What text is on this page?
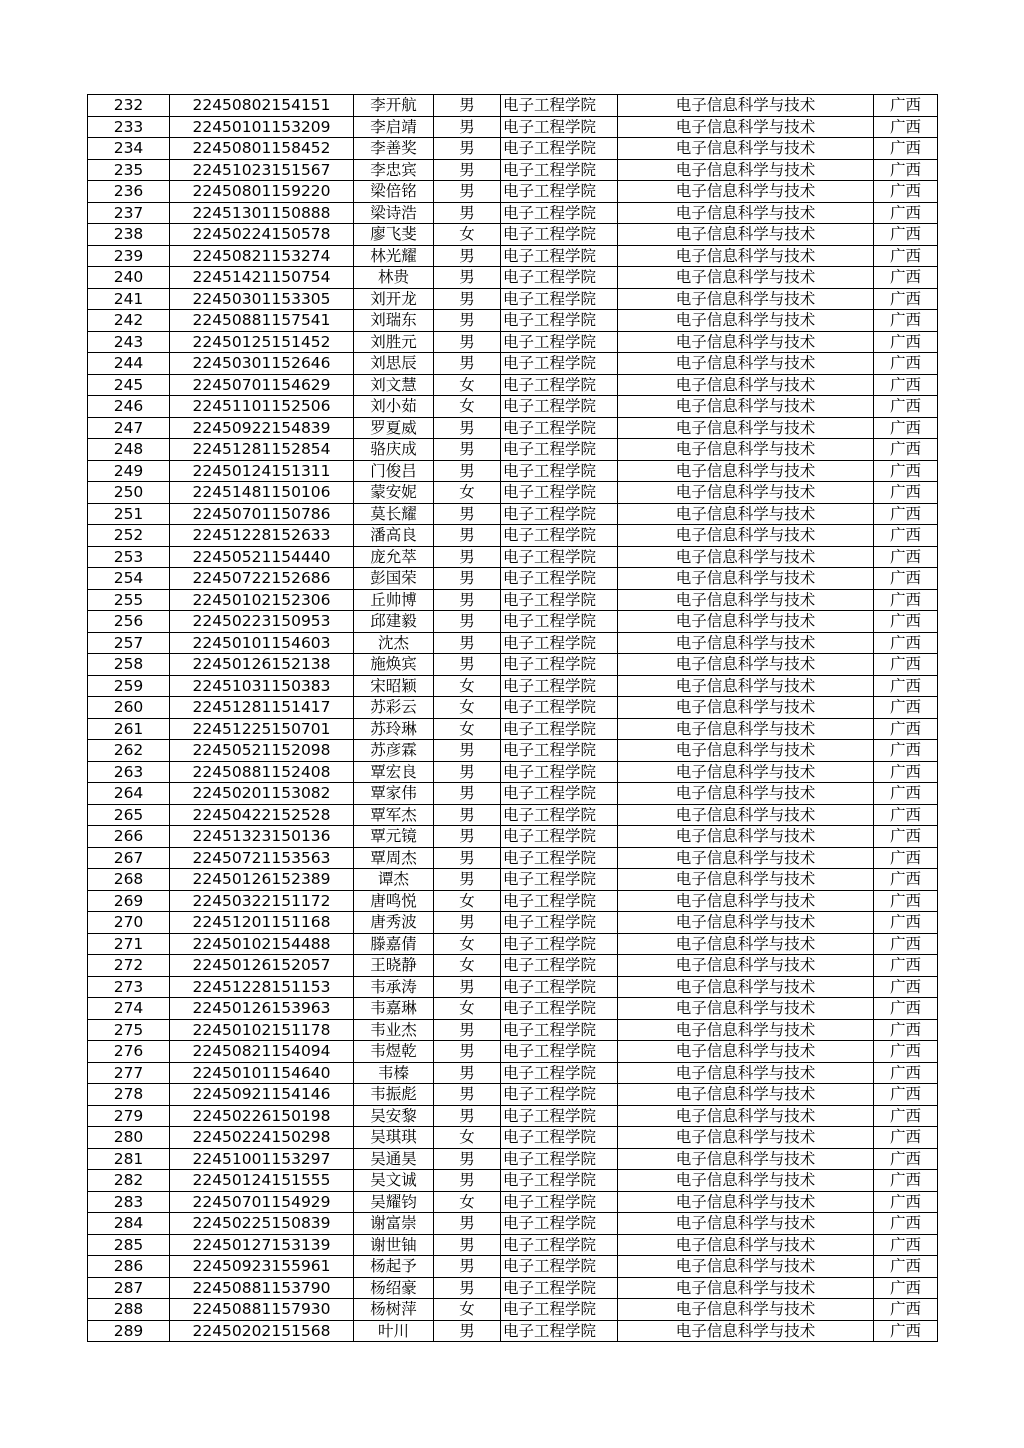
232	22450802154151	李开航	男	电子工程学院	电子信息科学与技术	广西
233	22450101153209	李启靖	男	电子工程学院	电子信息科学与技术	广西
234	22450801158452	李善奖	男	电子工程学院	电子信息科学与技术	广西
235	22451023151567	李忠宾	男	电子工程学院	电子信息科学与技术	广西
236	22450801159220	梁倍铭	男	电子工程学院	电子信息科学与技术	广西
237	22451301150888	梁诗浩	男	电子工程学院	电子信息科学与技术	广西
238	22450224150578	廖飞斐	女	电子工程学院	电子信息科学与技术	广西
239	22450821153274	林光耀	男	电子工程学院	电子信息科学与技术	广西
240	22451421150754	林贵	男	电子工程学院	电子信息科学与技术	广西
241	22450301153305	刘开龙	男	电子工程学院	电子信息科学与技术	广西
242	22450881157541	刘瑞东	男	电子工程学院	电子信息科学与技术	广西
243	22450125151452	刘胜元	男	电子工程学院	电子信息科学与技术	广西
244	22450301152646	刘思辰	男	电子工程学院	电子信息科学与技术	广西
245	22450701154629	刘文慧	女	电子工程学院	电子信息科学与技术	广西
246	22451101152506	刘小茹	女	电子工程学院	电子信息科学与技术	广西
247	22450922154839	罗夏威	男	电子工程学院	电子信息科学与技术	广西
248	22451281152854	骆庆成	男	电子工程学院	电子信息科学与技术	广西
249	22450124151311	门俊吕	男	电子工程学院	电子信息科学与技术	广西
250	22451481150106	蒙安妮	女	电子工程学院	电子信息科学与技术	广西
251	22450701150786	莫长耀	男	电子工程学院	电子信息科学与技术	广西
252	22451228152633	潘高良	男	电子工程学院	电子信息科学与技术	广西
253	22450521154440	庞允萃	男	电子工程学院	电子信息科学与技术	广西
254	22450722152686	彭国荣	男	电子工程学院	电子信息科学与技术	广西
255	22450102152306	丘帅博	男	电子工程学院	电子信息科学与技术	广西
256	22450223150953	邱建毅	男	电子工程学院	电子信息科学与技术	广西
257	22450101154603	沈杰	男	电子工程学院	电子信息科学与技术	广西
258	22450126152138	施焕宾	男	电子工程学院	电子信息科学与技术	广西
259	22451031150383	宋昭颖	女	电子工程学院	电子信息科学与技术	广西
260	22451281151417	苏彩云	女	电子工程学院	电子信息科学与技术	广西
261	22451225150701	苏玲琳	女	电子工程学院	电子信息科学与技术	广西
262	22450521152098	苏彦霖	男	电子工程学院	电子信息科学与技术	广西
263	22450881152408	覃宏良	男	电子工程学院	电子信息科学与技术	广西
264	22450201153082	覃家伟	男	电子工程学院	电子信息科学与技术	广西
265	22450422152528	覃军杰	男	电子工程学院	电子信息科学与技术	广西
266	22451323150136	覃元镜	男	电子工程学院	电子信息科学与技术	广西
267	22450721153563	覃周杰	男	电子工程学院	电子信息科学与技术	广西
268	22450126152389	谭杰	男	电子工程学院	电子信息科学与技术	广西
269	22450322151172	唐鸣悦	女	电子工程学院	电子信息科学与技术	广西
270	22451201151168	唐秀波	男	电子工程学院	电子信息科学与技术	广西
271	22450102154488	滕嘉倩	女	电子工程学院	电子信息科学与技术	广西
272	22450126152057	王晓静	女	电子工程学院	电子信息科学与技术	广西
273	22451228151153	韦承涛	男	电子工程学院	电子信息科学与技术	广西
274	22450126153963	韦嘉琳	女	电子工程学院	电子信息科学与技术	广西
275	22450102151178	韦业杰	男	电子工程学院	电子信息科学与技术	广西
276	22450821154094	韦煜乾	男	电子工程学院	电子信息科学与技术	广西
277	22450101154640	韦榛	男	电子工程学院	电子信息科学与技术	广西
278	22450921154146	韦振彪	男	电子工程学院	电子信息科学与技术	广西
279	22450226150198	吴安黎	男	电子工程学院	电子信息科学与技术	广西
280	22450224150298	吴琪琪	女	电子工程学院	电子信息科学与技术	广西
281	22451001153297	吴通昊	男	电子工程学院	电子信息科学与技术	广西
282	22450124151555	吴文诚	男	电子工程学院	电子信息科学与技术	广西
283	22450701154929	吴耀钧	女	电子工程学院	电子信息科学与技术	广西
284	22450225150839	谢富崇	男	电子工程学院	电子信息科学与技术	广西
285	22450127153139	谢世铀	男	电子工程学院	电子信息科学与技术	广西
286	22450923155961	杨起予	男	电子工程学院	电子信息科学与技术	广西
287	22450881153790	杨绍豪	男	电子工程学院	电子信息科学与技术	广西
288	22450881157930	杨树萍	女	电子工程学院	电子信息科学与技术	广西
289	22450202151568	叶川	男	电子工程学院	电子信息科学与技术	广西
